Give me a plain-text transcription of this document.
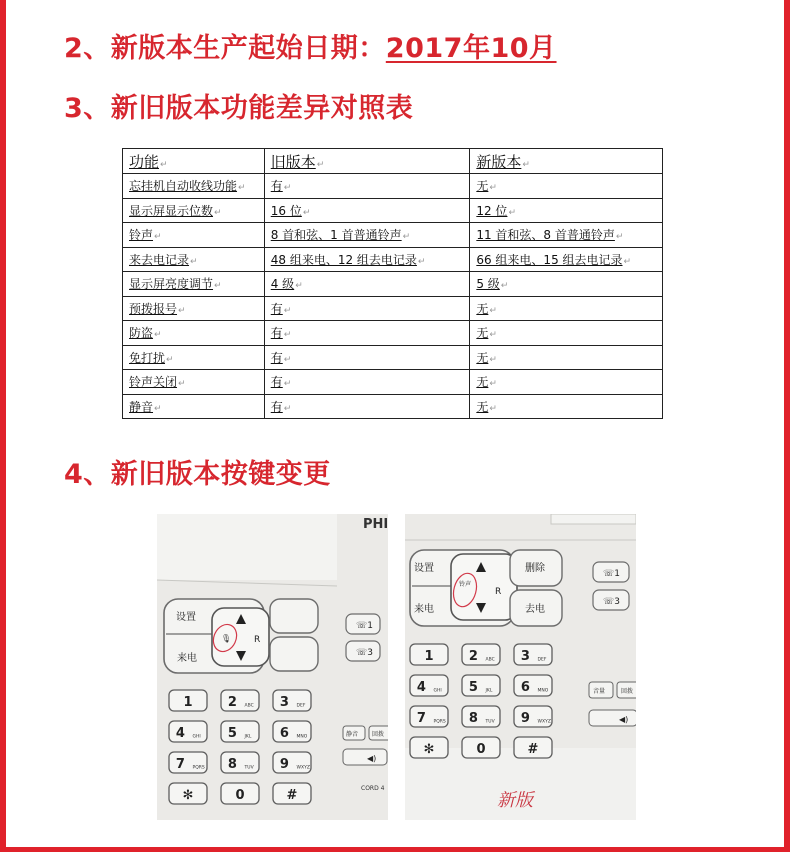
2、新版本生产起始日期：2017年10月
3、新旧版本功能差异对照表
功能↵	旧版本↵	新版本↵
忘挂机自动收线功能↵	有↵	无↵
显示屏显示位数↵	16 位↵	12 位↵
铃声↵	8 首和弦、1 首普通铃声↵	11 首和弦、8 首普通铃声↵
来去电记录↵	48 组来电、12 组去电记录↵	66 组来电、15 组去电记录↵
显示屏亮度调节↵	4 级↵	5 级↵
预拨报号↵	有↵	无↵
防盗↵	有↵	无↵
免打扰↵	有↵	无↵
铃声关闭↵	有↵	无↵
静音↵	有↵	无↵
4、新旧版本按键变更
PHI
设置
来电
R
🎙
☏1
☏3
1	2 ABC 3 DEF
4 GHI 5 JKL 6 MNO
7 PQRS 8 TUV 9 WXYZ
✻	0	#
静音 回拨
◀)
CORD 4
设置	删除
来电	去电
R
铃声
☏1
☏3
1	2 ABC 3 DEF
4 GHI 5 JKL 6 MNO
7 PQRS 8 TUV 9 WXYZ
✻	0	#
音量	回拨
◀)
新版
